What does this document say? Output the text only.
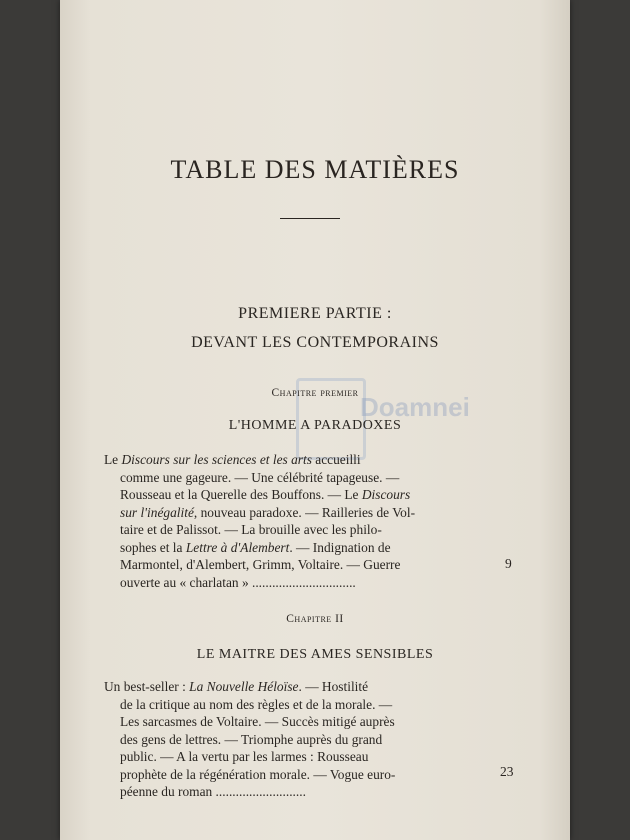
TABLE DES MATIÈRES
PREMIERE PARTIE :
DEVANT LES CONTEMPORAINS
Doamnei
Chapitre premier
L'HOMME A PARADOXES
Le Discours sur les sciences et les arts accueilli
comme une gageure. — Une célébrité tapageuse. —
Rousseau et la Querelle des Bouffons. — Le Discours
sur l'inégalité, nouveau paradoxe. — Railleries de Vol-
taire et de Palissot. — La brouille avec les philo-
sophes et la Lettre à d'Alembert. — Indignation de
Marmontel, d'Alembert, Grimm, Voltaire. — Guerre
ouverte au « charlatan » ...............................
9
Chapitre II
LE MAITRE DES AMES SENSIBLES
Un best-seller : La Nouvelle Héloïse. — Hostilité
de la critique au nom des règles et de la morale. —
Les sarcasmes de Voltaire. — Succès mitigé auprès
des gens de lettres. — Triomphe auprès du grand
public. — A la vertu par les larmes : Rousseau
prophète de la régénération morale. — Vogue euro-
péenne du roman ...........................
23
